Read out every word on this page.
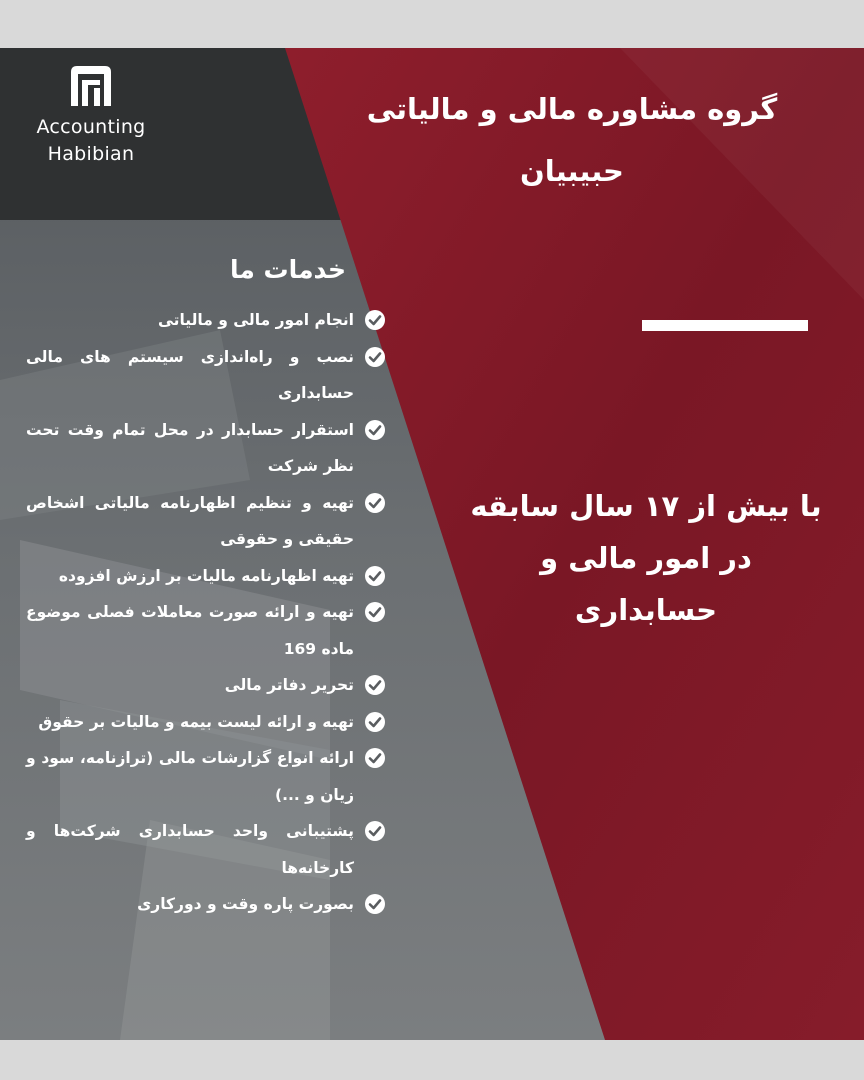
Accounting
Habibian
گروه مشاوره مالی و مالیاتی
حبیبیان
با بیش از ۱۷ سال سابقه
در امور مالی و
حسابداری
خدمات ما
انجام امور مالی و مالیاتی
نصب و راه‌اندازی سیستم های مالی حسابداری
استقرار حسابدار در محل تمام وقت تحت نظر شرکت
تهیه و تنظیم اظهارنامه مالیاتی اشخاص حقیقی و حقوقی
تهیه اظهارنامه مالیات بر ارزش افزوده
تهیه و ارائه صورت معاملات فصلی موضوع ماده 169
تحریر دفاتر مالی
تهیه و ارائه لیست بیمه و مالیات بر حقوق
ارائه انواع گزارشات مالی (ترازنامه، سود و زیان و ...)
پشتیبانی واحد حسابداری شرکت‌ها و کارخانه‌ها
بصورت پاره وقت و دورکاری
